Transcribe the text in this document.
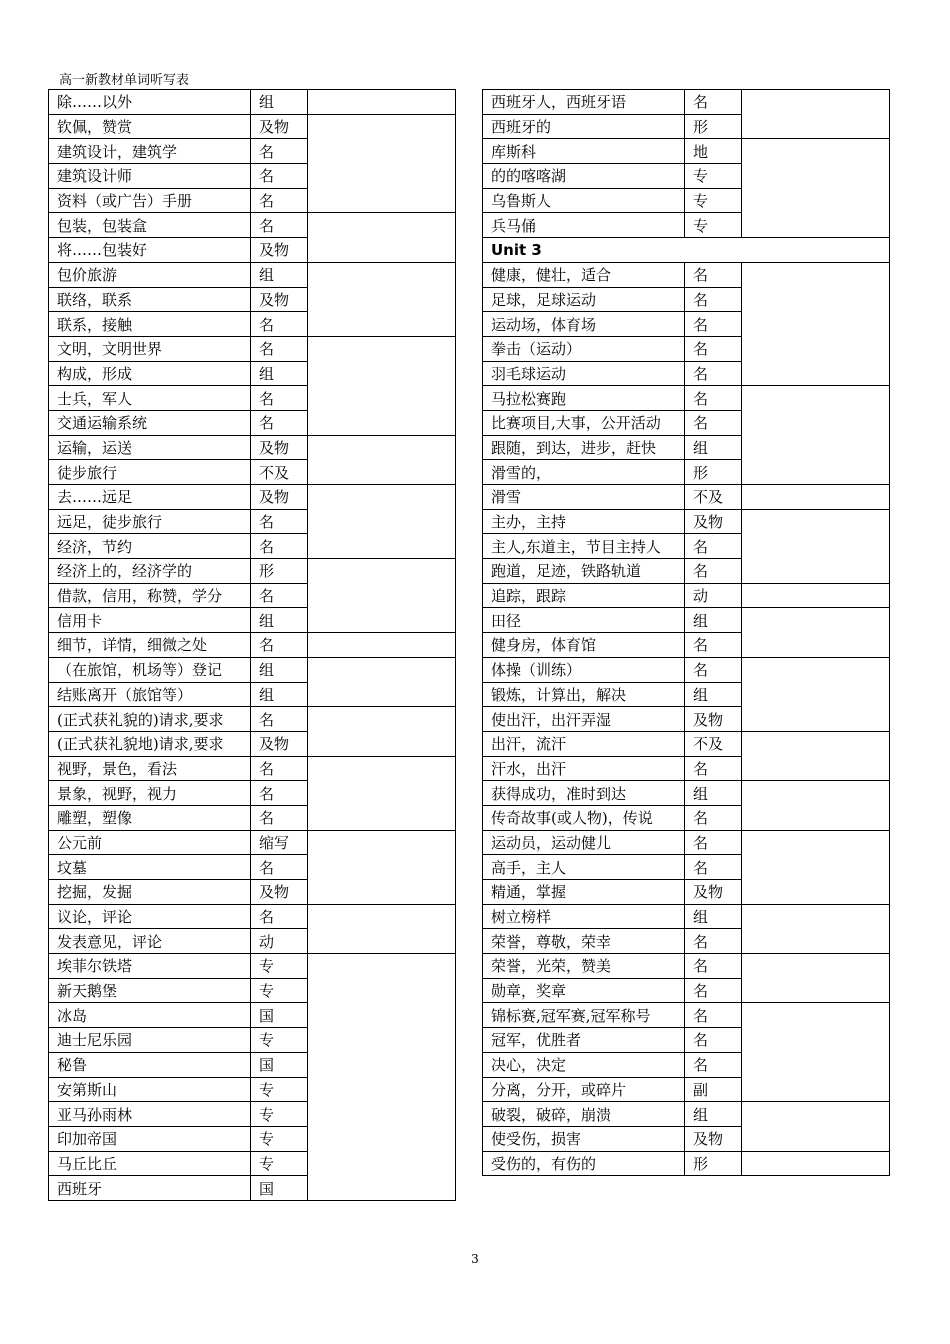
高一新教材单词听写表
除……以外	组	
钦佩，赞赏	及物	
建筑设计，建筑学	名	
建筑设计师	名	
资料（或广告）手册	名	
包装，包装盒	名	
将……包装好	及物	
包价旅游	组	
联络，联系	及物	
联系，接触	名	
文明，文明世界	名	
构成，形成	组	
士兵，军人	名	
交通运输系统	名	
运输，运送	及物	
徒步旅行	不及	
去……远足	及物	
远足，徒步旅行	名	
经济，节约	名	
经济上的，经济学的	形	
借款，信用，称赞，学分	名	
信用卡	组	
细节，详情，细微之处	名	
（在旅馆，机场等）登记	组	
结账离开（旅馆等）	组	
(正式获礼貌的)请求,要求	名	
(正式获礼貌地)请求,要求	及物	
视野，景色，看法	名	
景象，视野，视力	名	
雕塑，塑像	名	
公元前	缩写	
坟墓	名	
挖掘，发掘	及物	
议论，评论	名	
发表意见，评论	动	
埃菲尔铁塔	专	
新天鹅堡	专	
冰岛	国	
迪士尼乐园	专	
秘鲁	国	
安第斯山	专	
亚马孙雨林	专	
印加帝国	专	
马丘比丘	专	
西班牙	国	
西班牙人，西班牙语	名	
西班牙的	形	
库斯科	地	
的的喀喀湖	专	
乌鲁斯人	专	
兵马俑	专	
Unit 3		
健康，健壮，适合	名	
足球，足球运动	名	
运动场，体育场	名	
拳击（运动）	名	
羽毛球运动	名	
马拉松赛跑	名	
比赛项目,大事，公开活动	名	
跟随，到达，进步，赶快	组	
滑雪的，	形	
滑雪	不及	
主办，主持	及物	
主人,东道主，节目主持人	名	
跑道，足迹，铁路轨道	名	
追踪，跟踪	动	
田径	组	
健身房，体育馆	名	
体操（训练）	名	
锻炼，计算出，解决	组	
使出汗，出汗弄湿	及物	
出汗，流汗	不及	
汗水，出汗	名	
获得成功，准时到达	组	
传奇故事(或人物)，传说	名	
运动员，运动健儿	名	
高手，主人	名	
精通，掌握	及物	
树立榜样	组	
荣誉，尊敬，荣幸	名	
荣誉，光荣，赞美	名	
勋章，奖章	名	
锦标赛,冠军赛,冠军称号	名	
冠军，优胜者	名	
决心，决定	名	
分离，分开，或碎片	副	
破裂，破碎，崩溃	组	
使受伤，损害	及物	
受伤的，有伤的	形	
3
